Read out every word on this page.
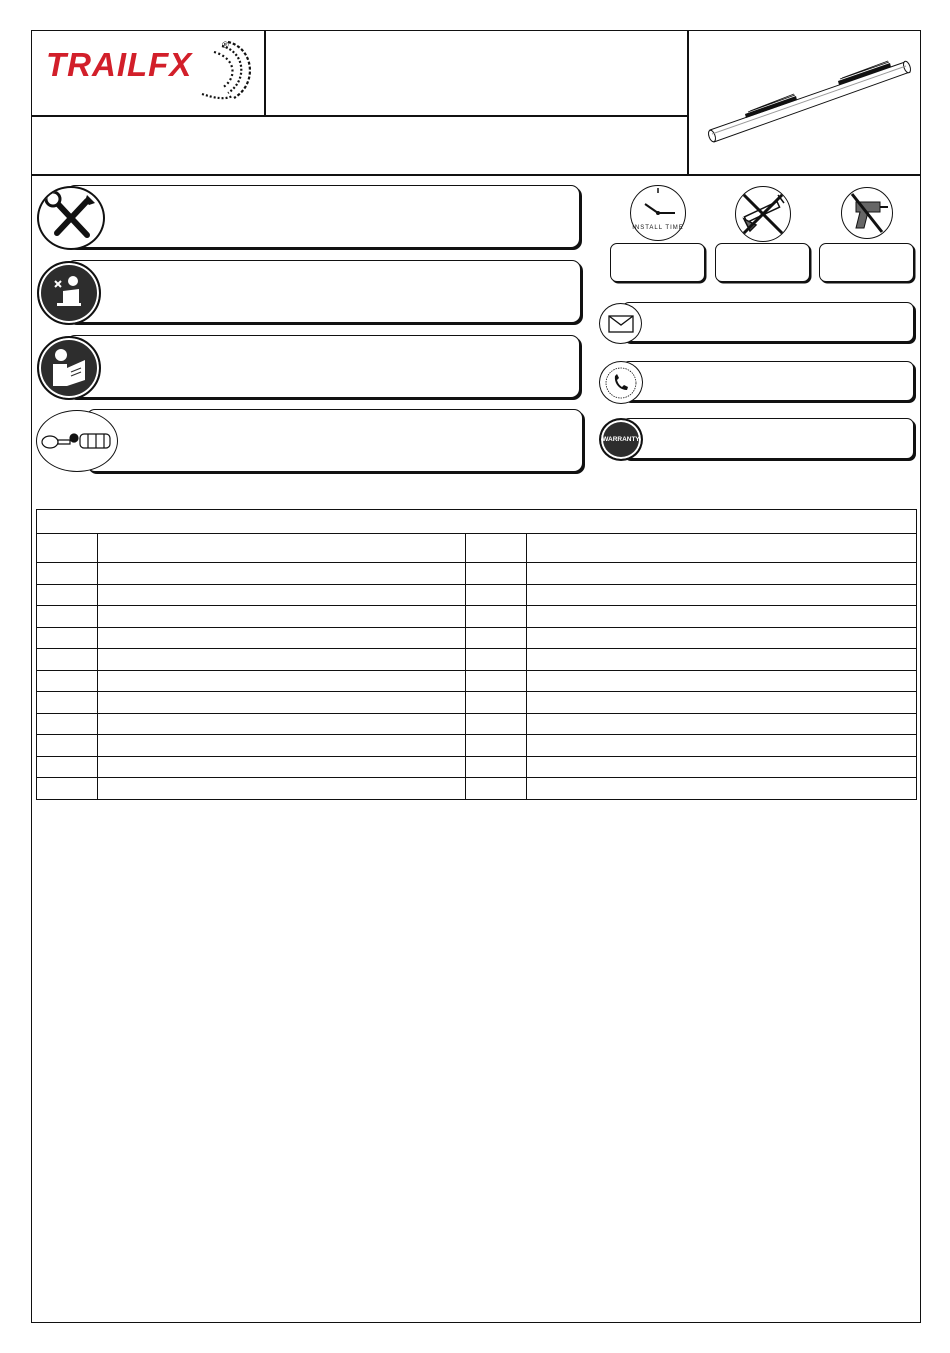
TRAILFX
®
INSTALL TIME
WARRANTY
